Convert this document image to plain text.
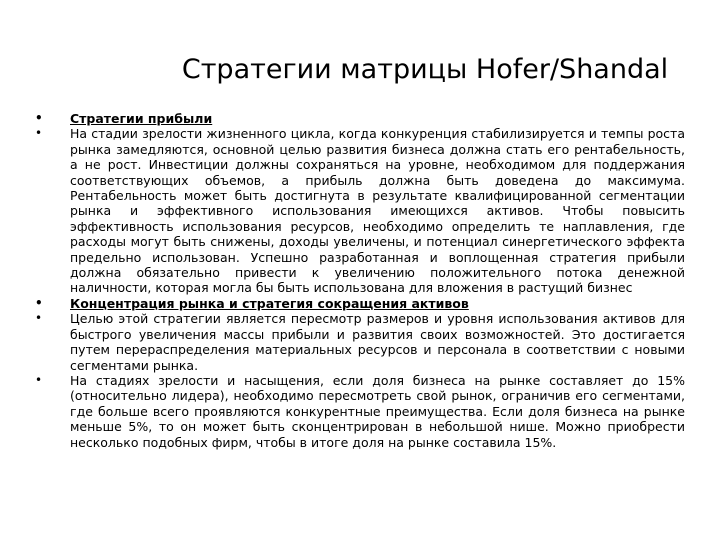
Стратегии матрицы Hofer/Shandal
•	Стратегии прибыли
•	На стадии зрелости жизненного цикла, когда конкуренция стабилизируется и темпы роста рынка замедляются, основной целью развития бизнеса должна стать его рентабельность, а не рост. Инвестиции должны сохраняться на уровне, необходимом для поддержания соответствующих объемов, а прибыль должна быть доведена до максимума. Рентабельность может быть достигнута в результате квалифицированной сегментации рынка и эффективного использования имеющихся активов. Чтобы повысить эффективность использования ресурсов, необходимо определить те наплавления, где расходы могут быть снижены, доходы увеличены, и потенциал синергетического эффекта предельно использован. Успешно разработанная и воплощенная стратегия прибыли должна обязательно привести к увеличению положительного потока денежной наличности, которая могла бы быть использована для вложения в растущий бизнес
•	Концентрация рынка и стратегия сокращения активов
•	Целью этой стратегии является пересмотр размеров и уровня использования активов для быстрого увеличения массы прибыли и развития своих возможностей. Это достигается путем перераспределения материальных ресурсов и персонала в соответствии с новыми сегментами рынка.
•	На стадиях зрелости и насыщения, если доля бизнеса на рынке составляет до 15% (относительно лидера), необходимо пересмотреть свой рынок, ограничив его сегментами, где больше всего проявляются конкурентные преимущества. Если доля бизнеса на рынке меньше 5%, то он может быть сконцентрирован в небольшой нише. Можно приобрести несколько подобных фирм, чтобы в итоге доля на рынке составила 15%.
